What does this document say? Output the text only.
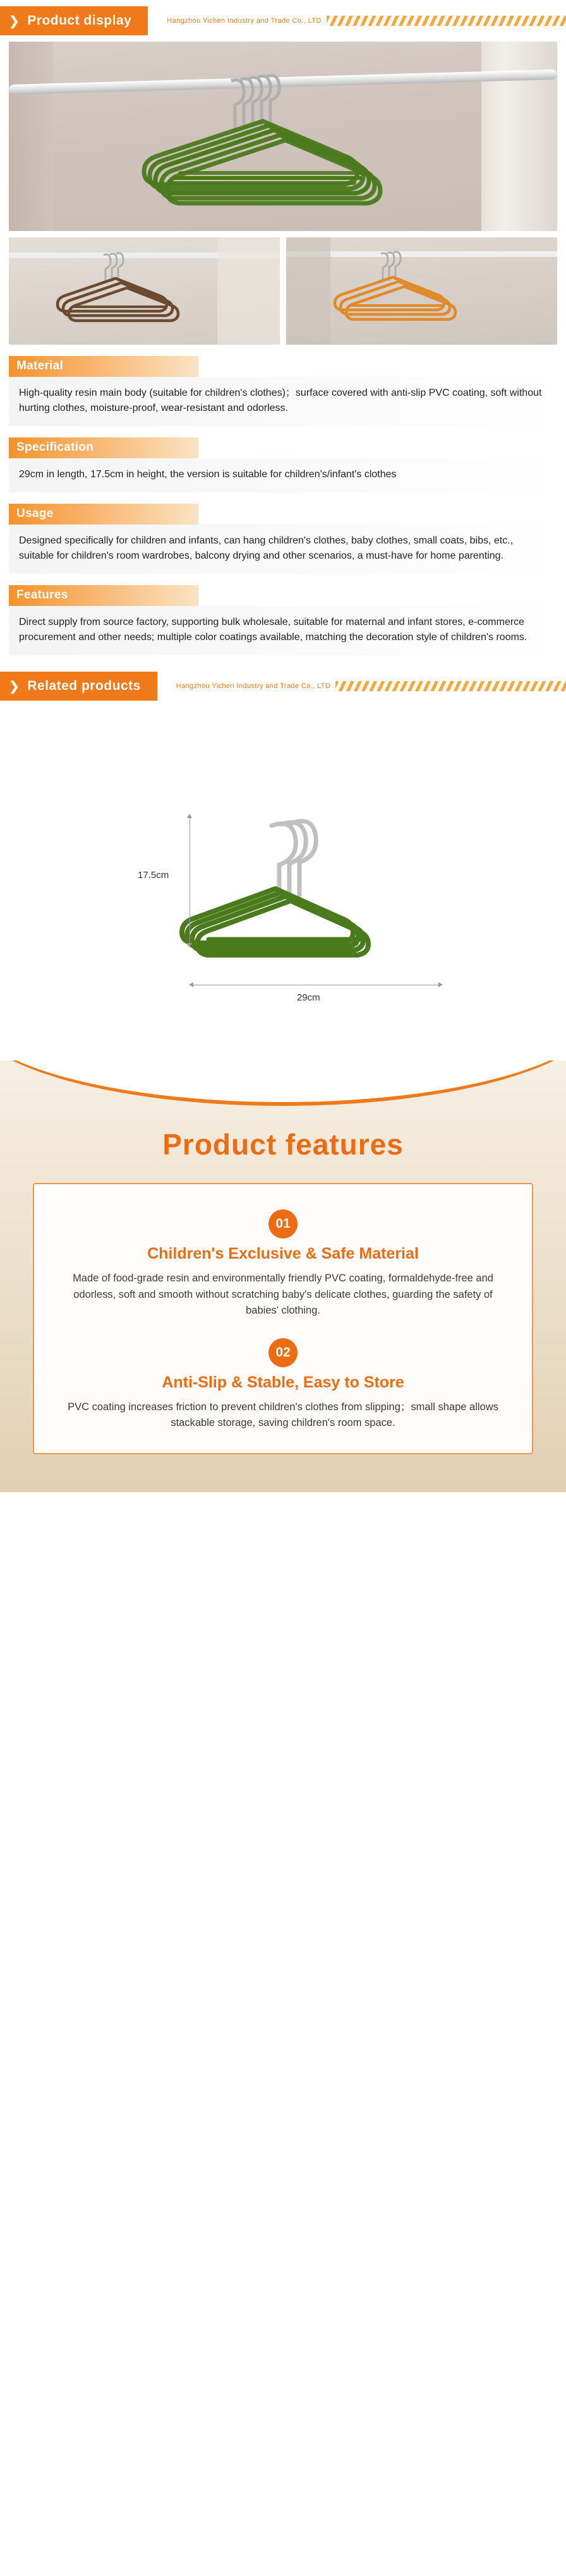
❯ Product display	Hangzhou Yichen Industry and Trade Co., LTD
Material
High-quality resin main body (suitable for children's clothes)；surface covered with anti-slip PVC coating, soft without hurting clothes, moisture-proof, wear-resistant and odorless.
Specification
29cm in length, 17.5cm in height, the version is suitable for children's/infant's clothes
Usage
Designed specifically for children and infants, can hang children's clothes, baby clothes, small coats, bibs, etc., suitable for children's room wardrobes, balcony drying and other scenarios, a must-have for home parenting.
Features
Direct supply from source factory, supporting bulk wholesale, suitable for maternal and infant stores, e-commerce procurement and other needs; multiple color coatings available, matching the decoration style of children's rooms.
❯ Related products	Hangzhou Yichen Industry and Trade Co., LTD
17.5cm
29cm
Product features
01
Children's Exclusive & Safe Material
Made of food-grade resin and environmentally friendly PVC coating, formaldehyde-free and odorless, soft and smooth without scratching baby's delicate clothes, guarding the safety of babies' clothing.
02
Anti-Slip & Stable, Easy to Store
PVC coating increases friction to prevent children's clothes from slipping；small shape allows stackable storage, saving children's room space.
